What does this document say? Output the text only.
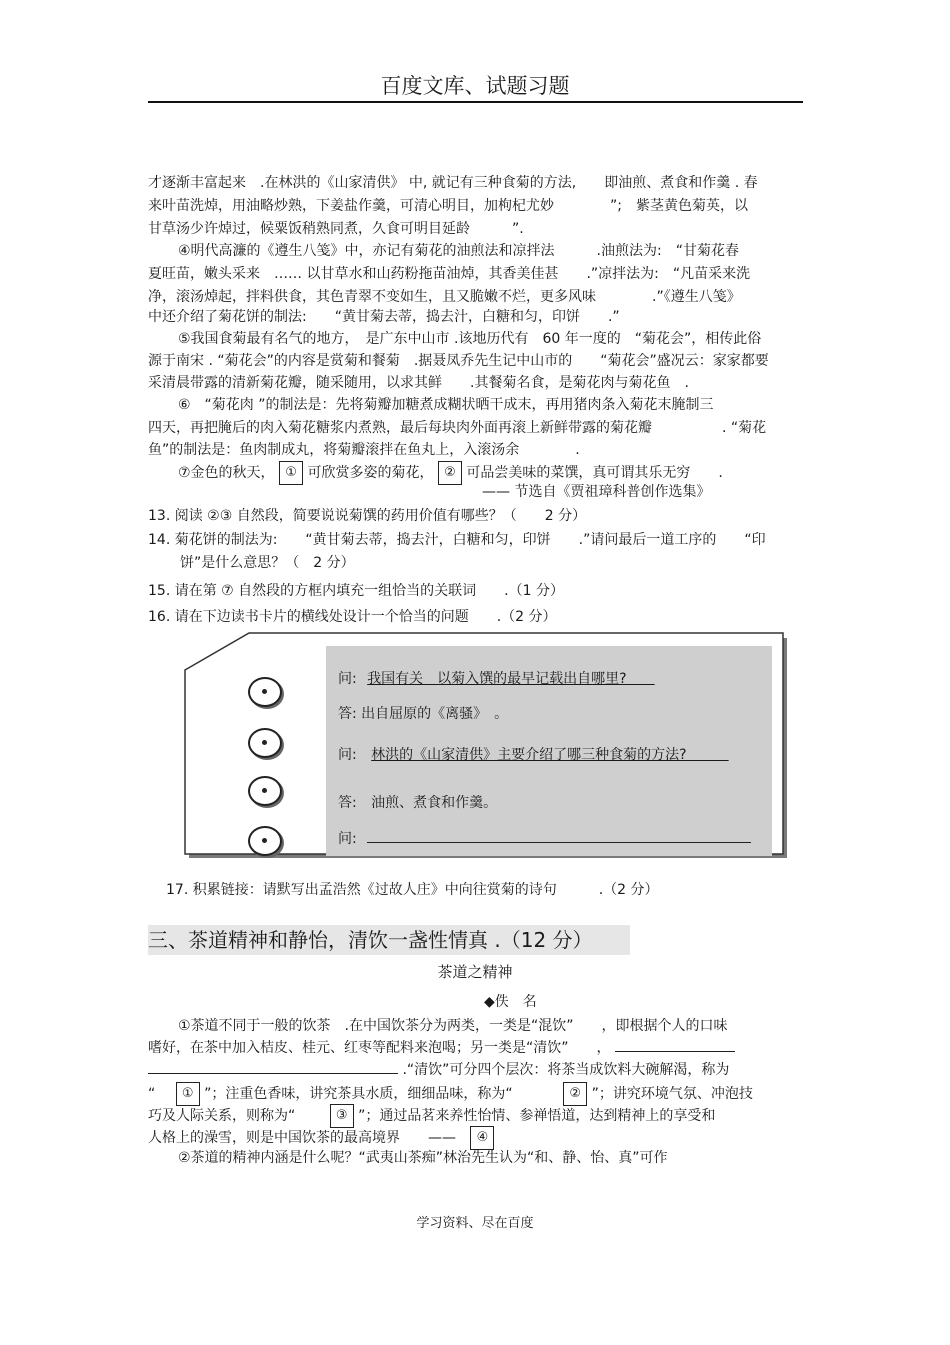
百度文库、试题习题
才逐渐丰富起来　.在林洪的《山家清供》 中, 就记有三种食菊的方法,　　即油煎、煮食和作羹 . 春
来叶苗洗焯，用油略炒熟，下姜盐作羹，可清心明目，加枸杞尤妙　　　　”;　紫茎黄色菊英，以
甘草汤少许焯过，候粟饭稍熟同煮，久食可明目延龄　　　”.
④明代高濂的《遵生八笺》中，亦记有菊花的油煎法和凉拌法　　　.油煎法为:　“甘菊花春
夏旺苗，嫩头采来　…… 以甘草水和山药粉拖苗油焯，其香美佳甚　　.”凉拌法为:　“凡苗采来洗
净，滚汤焯起，拌料供食，其色青翠不变如生，且又脆嫩不烂，更多风味　　　　.”《遵生八笺》
中还介绍了菊花饼的制法:　　“黄甘菊去蒂，捣去汁，白糖和匀，印饼　　.”
⑤我国食菊最有名气的地方，　是广东中山市 .该地历代有　60 年一度的　“菊花会”，相传此俗
源于南宋 . “菊花会”的内容是赏菊和餐菊　.据聂凤乔先生记中山市的　　“菊花会”盛况云：家家都要
采清晨带露的清新菊花瓣，随采随用，以求其鲜　　.其餐菊名食，是菊花肉与菊花鱼　.
⑥　“菊花肉 ”的制法是：先将菊瓣加糖煮成糊状晒干成末，再用猪肉条入菊花末腌制三
四天，再把腌后的肉入菊花糖浆内煮熟，最后每块肉外面再滚上新鲜带露的菊花瓣　　　　　. “菊花
鱼”的制法是：鱼肉制成丸，将菊瓣滚拌在鱼丸上，入滚汤余　　　　.
⑦金色的秋天， ① 可欣赏多姿的菊花， ② 可品尝美味的菜馔，真可谓其乐无穷　　.
—— 节选自《贾祖璋科普创作选集》
13. 阅读 ②③ 自然段，简要说说菊馔的药用价值有哪些？（　　2 分）
14. 菊花饼的制法为:　　“黄甘菊去蒂，捣去汁，白糖和匀，印饼　　.”请问最后一道工序的　　“印
饼”是什么意思？（　2 分）
15. 请在第 ⑦ 自然段的方框内填充一组恰当的关联词　　.（1 分）
16. 请在下边读书卡片的横线处设计一个恰当的问题　　.（2 分）
问: 我国有关　以菊入馔的最早记载出自哪里?　　
答: 出自屈原的《离骚》　。
问: 林洪的《山家清供》主要介绍了哪三种食菊的方法?　　　
答: 油煎、煮食和作羹。
问:
17. 积累链接：请默写出孟浩然《过故人庄》中向往赏菊的诗句　　　.（2 分）
三、茶道精神和静怡，清饮一盏性情真 .（12 分）
茶道之精神
◆佚　名
①茶道不同于一般的饮茶　.在中国饮茶分为两类，一类是“混饮”　　，即根据个人的口味
嗜好，在茶中加入桔皮、桂元、红枣等配料来泡喝；另一类是“清饮”　　，
.“清饮”可分四个层次：将茶当成饮料大碗解渴，称为
“ ① ”；注重色香味，讲究茶具水质，细细品味，称为“	② ”；讲究环境气氛、冲泡技
巧及人际关系，则称为“	③ ”；通过品茗来养性怡情、参禅悟道，达到精神上的享受和
人格上的澡雪，则是中国饮茶的最高境界　　—— ④
②茶道的精神内涵是什么呢？“武夷山茶痴”林治先生认为“和、静、怡、真”可作
学习资料、尽在百度
